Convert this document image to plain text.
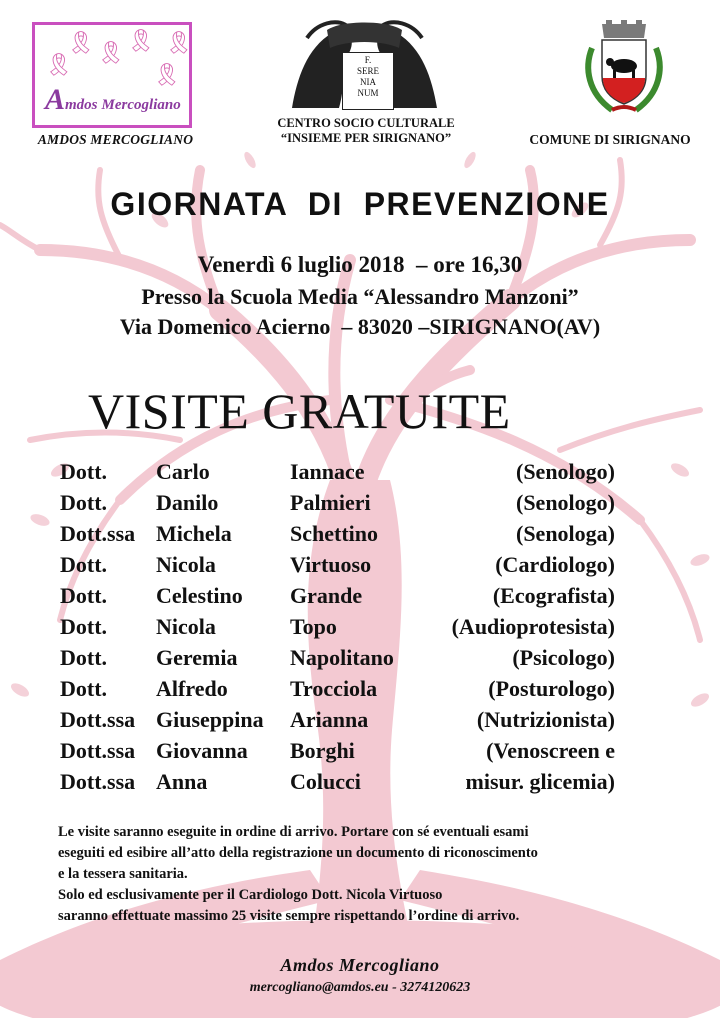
🎗
🎗 🎗 🎗
🎗
🎗
Amdos Mercogliano
AMDOS MERCOGLIANO
F.
SERE
NIA
NUM
CENTRO SOCIO CULTURALE
“INSIEME PER SIRIGNANO”	COMUNE DI SIRIGNANO
GIORNATA  DI  PREVENZIONE
Venerdì 6 luglio 2018  – ore 16,30
Presso la Scuola Media “Alessandro Manzoni”
Via Domenico Acierno  – 83020 –SIRIGNANO(AV)
VISITE GRATUITE
Dott. Carlo	Iannace	(Senologo)
Dott. Danilo	Palmieri	(Senologo)
Dott.ssa Michela	Schettino	(Senologa)
Dott. Nicola	Virtuoso	(Cardiologo)
Dott. Celestino Grande	(Ecografista)
Dott. Nicola	Topo	(Audioprotesista)
Dott. Geremia Napolitano	(Psicologo)
Dott. Alfredo	Trocciola	(Posturologo)
Dott.ssa Giuseppina Arianna	(Nutrizionista)
Dott.ssa Giovanna Borghi	(Venoscreen e
Dott.ssa Anna	Colucci	misur. glicemia)

Le visite saranno eseguite in ordine di arrivo. Portare con sé eventuali esami

eseguiti ed esibire all’atto della registrazione un documento di riconoscimento

e la tessera sanitaria.

Solo ed esclusivamente per il Cardiologo Dott. Nicola Virtuoso

saranno effettuate massimo 25 visite sempre rispettando l’ordine di arrivo.

Amdos Mercogliano
mercogliano@amdos.eu - 3274120623
